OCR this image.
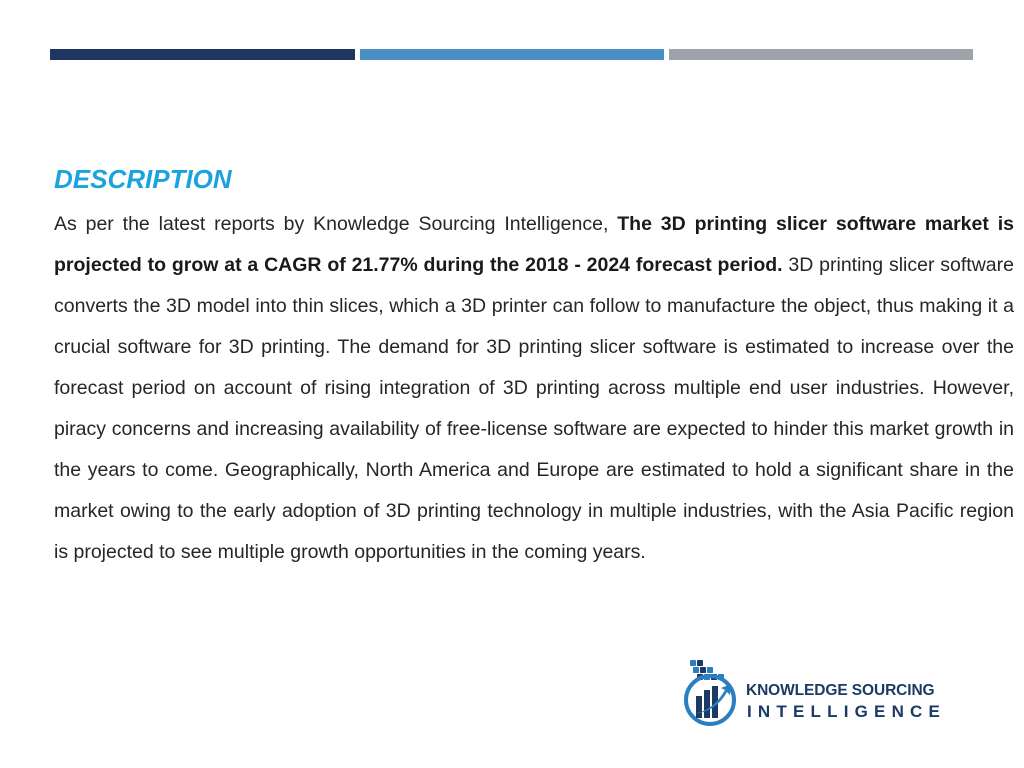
DESCRIPTION

As per the latest reports by Knowledge Sourcing Intelligence, The 3D printing slicer software market is projected to grow at a CAGR of 21.77% during the 2018 - 2024 forecast period. 3D printing slicer software converts the 3D model into thin slices, which a 3D printer can follow to manufacture the object, thus making it a crucial software for 3D printing. The demand for 3D printing slicer software is estimated to increase over the forecast period on account of rising integration of 3D printing across multiple end user industries. However, piracy concerns and increasing availability of free-license software are expected to hinder this market growth in the years to come. Geographically, North America and Europe are estimated to hold a significant share in the market owing to the early adoption of 3D printing technology in multiple industries, with the Asia Pacific region is projected to see multiple growth opportunities in the coming years.

KNOWLEDGE SOURCING
INTELLIGENCE
